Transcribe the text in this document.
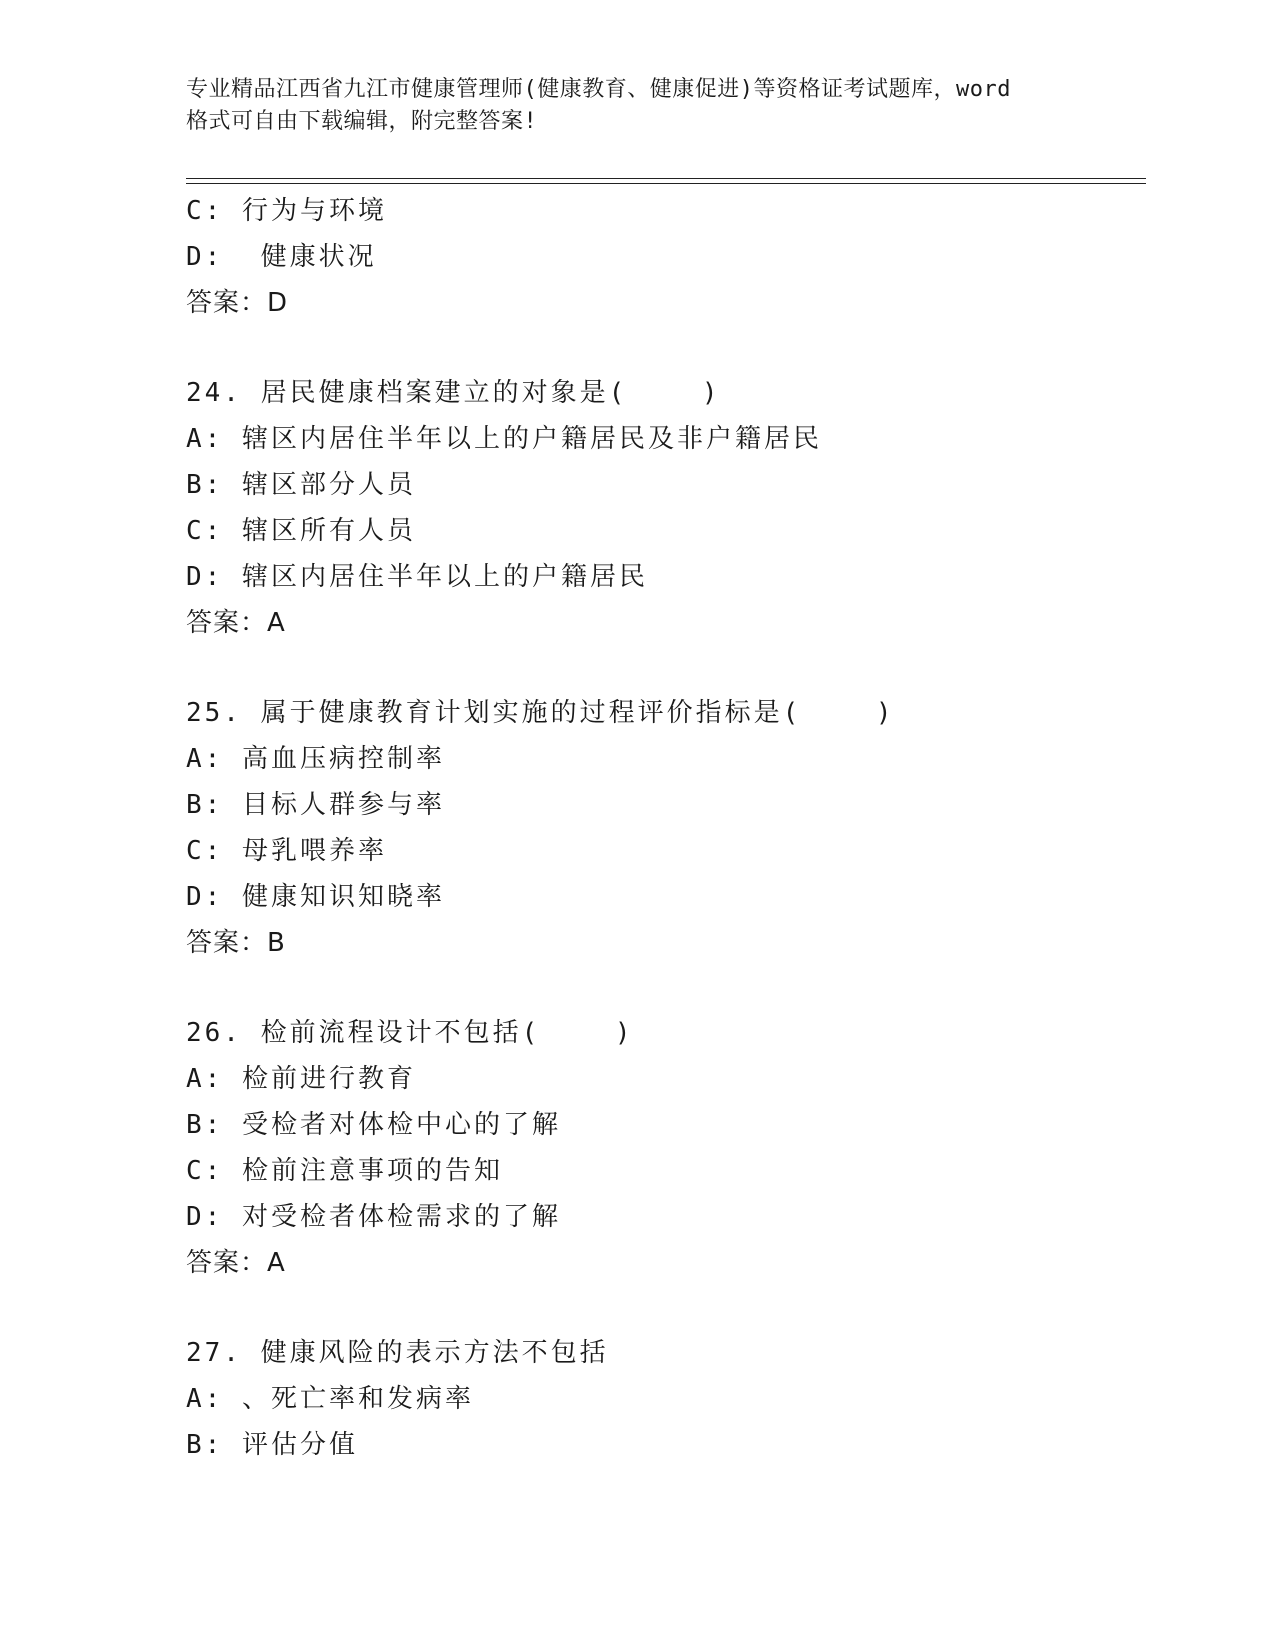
专业精品江西省九江市健康管理师(健康教育、健康促进)等资格证考试题库，word
格式可自由下载编辑，附完整答案!
C: 行为与环境
D:  健康状况
答案：D
24. 居民健康档案建立的对象是(    )
A: 辖区内居住半年以上的户籍居民及非户籍居民
B: 辖区部分人员
C: 辖区所有人员
D: 辖区内居住半年以上的户籍居民
答案：A
25. 属于健康教育计划实施的过程评价指标是(    )
A: 高血压病控制率
B: 目标人群参与率
C: 母乳喂养率
D: 健康知识知晓率
答案：B
26. 检前流程设计不包括(    )
A: 检前进行教育
B: 受检者对体检中心的了解
C: 检前注意事项的告知
D: 对受检者体检需求的了解
答案：A
27. 健康风险的表示方法不包括
A: 、死亡率和发病率
B: 评估分值
